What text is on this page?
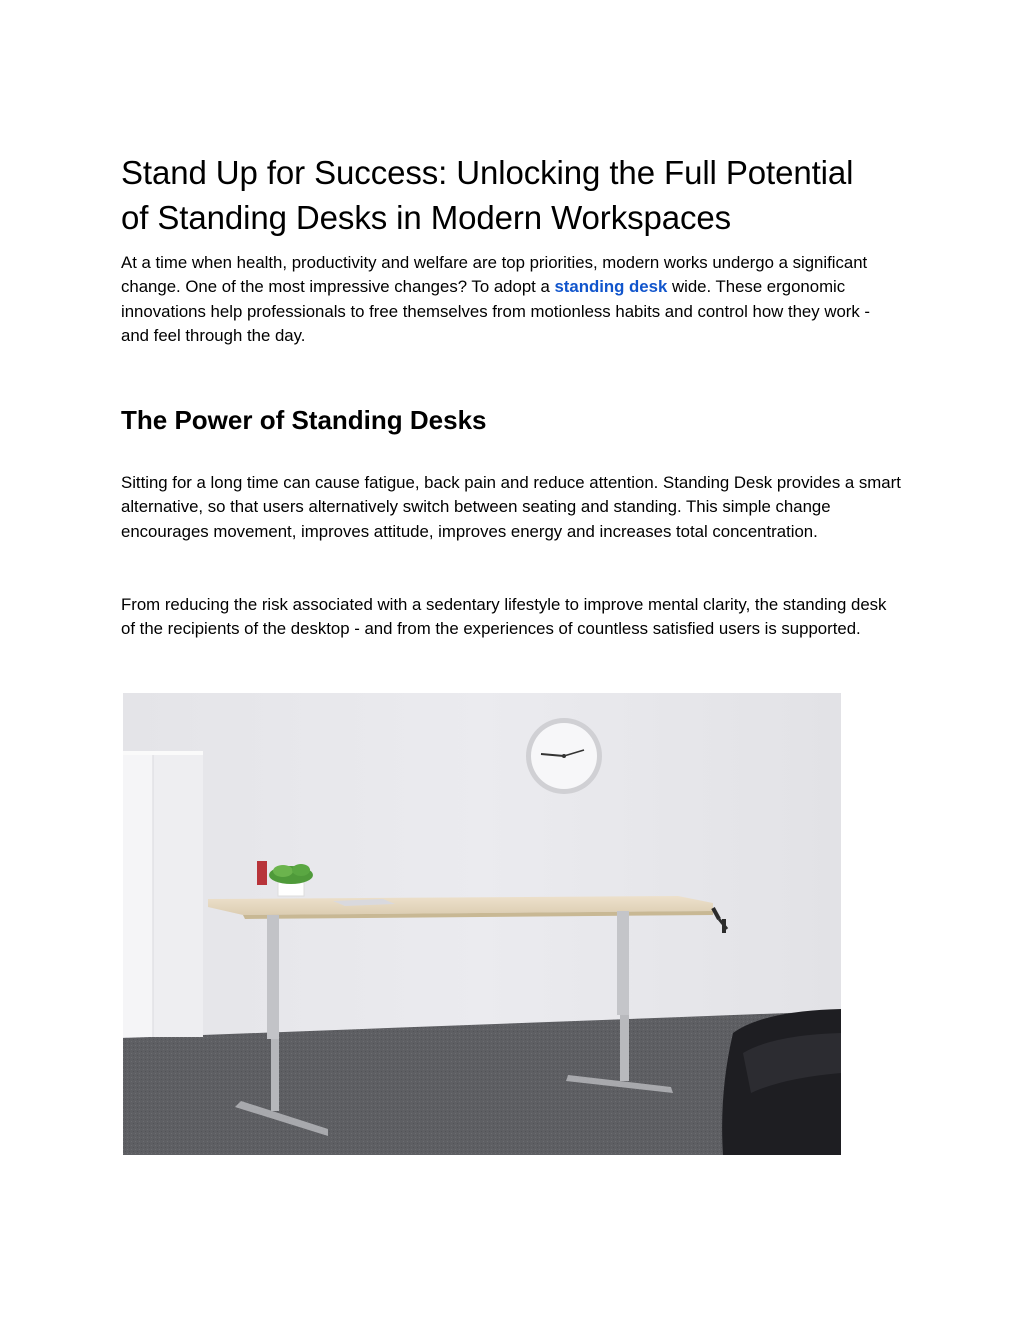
Stand Up for Success: Unlocking the Full Potential
of Standing Desks in Modern Workspaces

At a time when health, productivity and welfare are top priorities, modern works undergo a significant change. One of the most impressive changes? To adopt a standing desk wide. These ergonomic innovations help professionals to free themselves from motionless habits and control how they work - and feel through the day.

The Power of Standing Desks

Sitting for a long time can cause fatigue, back pain and reduce attention. Standing Desk provides a smart alternative, so that users alternatively switch between seating and standing. This simple change encourages movement, improves attitude, improves energy and increases total concentration.

From reducing the risk associated with a sedentary lifestyle to improve mental clarity, the standing desk of the recipients of the desktop - and from the experiences of countless satisfied users is supported.
